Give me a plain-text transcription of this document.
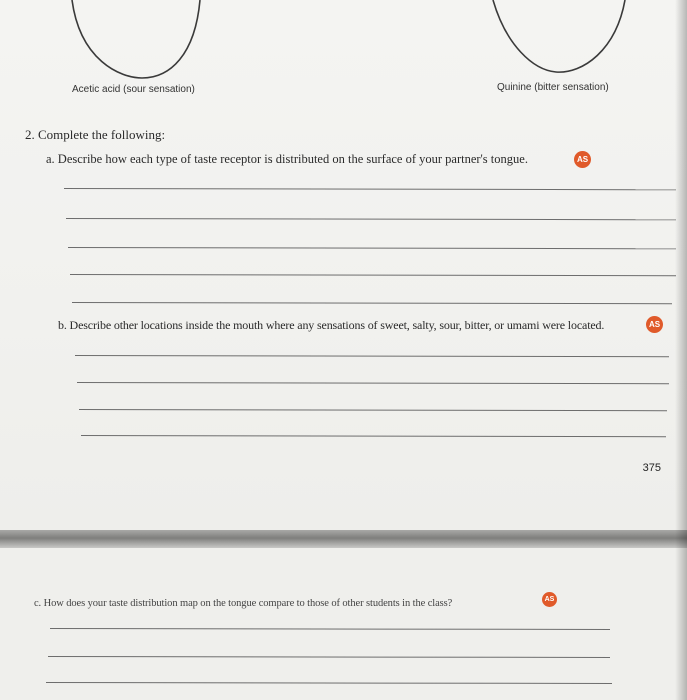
Acetic acid (sour sensation)	Quinine (bitter sensation)
2. Complete the following:
a. Describe how each type of taste receptor is distributed on the surface of your partner's tongue.	AS
b. Describe other locations inside the mouth where any sensations of sweet, salty, sour, bitter, or umami were located.	AS
375
c. How does your taste distribution map on the tongue compare to those of other students in the class?	AS
